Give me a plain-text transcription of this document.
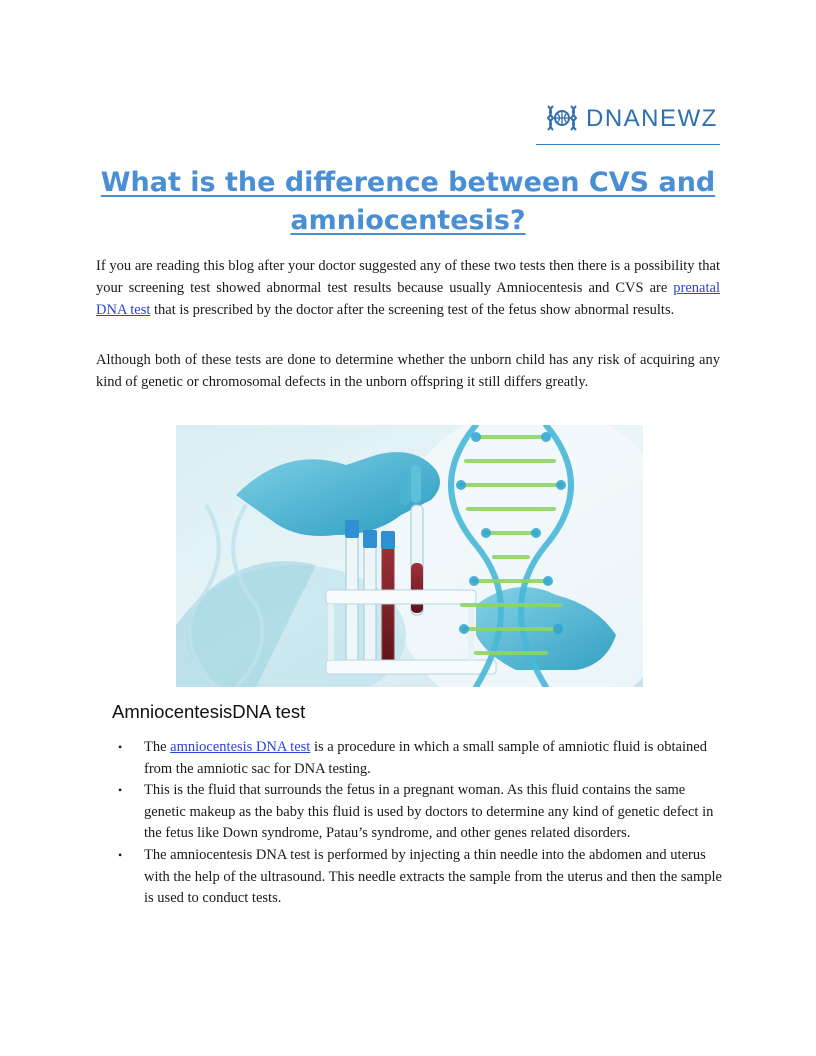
DNANEWZ
What is the difference between CVS and amniocentesis?

If you are reading this blog after your doctor suggested any of these two tests then there is a possibility that your screening test showed abnormal test results because usually Amniocentesis and CVS are prenatal DNA test that is prescribed by the doctor after the screening test of the fetus show abnormal results.

Although both of these tests are done to determine whether the unborn child has any risk of acquiring any kind of genetic or chromosomal defects in the unborn offspring it still differs greatly.

AmniocentesisDNA test
• The amniocentesis DNA test is a procedure in which a small sample of amniotic fluid is obtained from the amniotic sac for DNA testing.
• This is the fluid that surrounds the fetus in a pregnant woman. As this fluid contains the same genetic makeup as the baby this fluid is used by doctors to determine any kind of genetic defect in the fetus like Down syndrome, Patau’s syndrome, and other genes related disorders.
• The amniocentesis DNA test is performed by injecting a thin needle into the abdomen and uterus with the help of the ultrasound. This needle extracts the sample from the uterus and then the sample is used to conduct tests.
